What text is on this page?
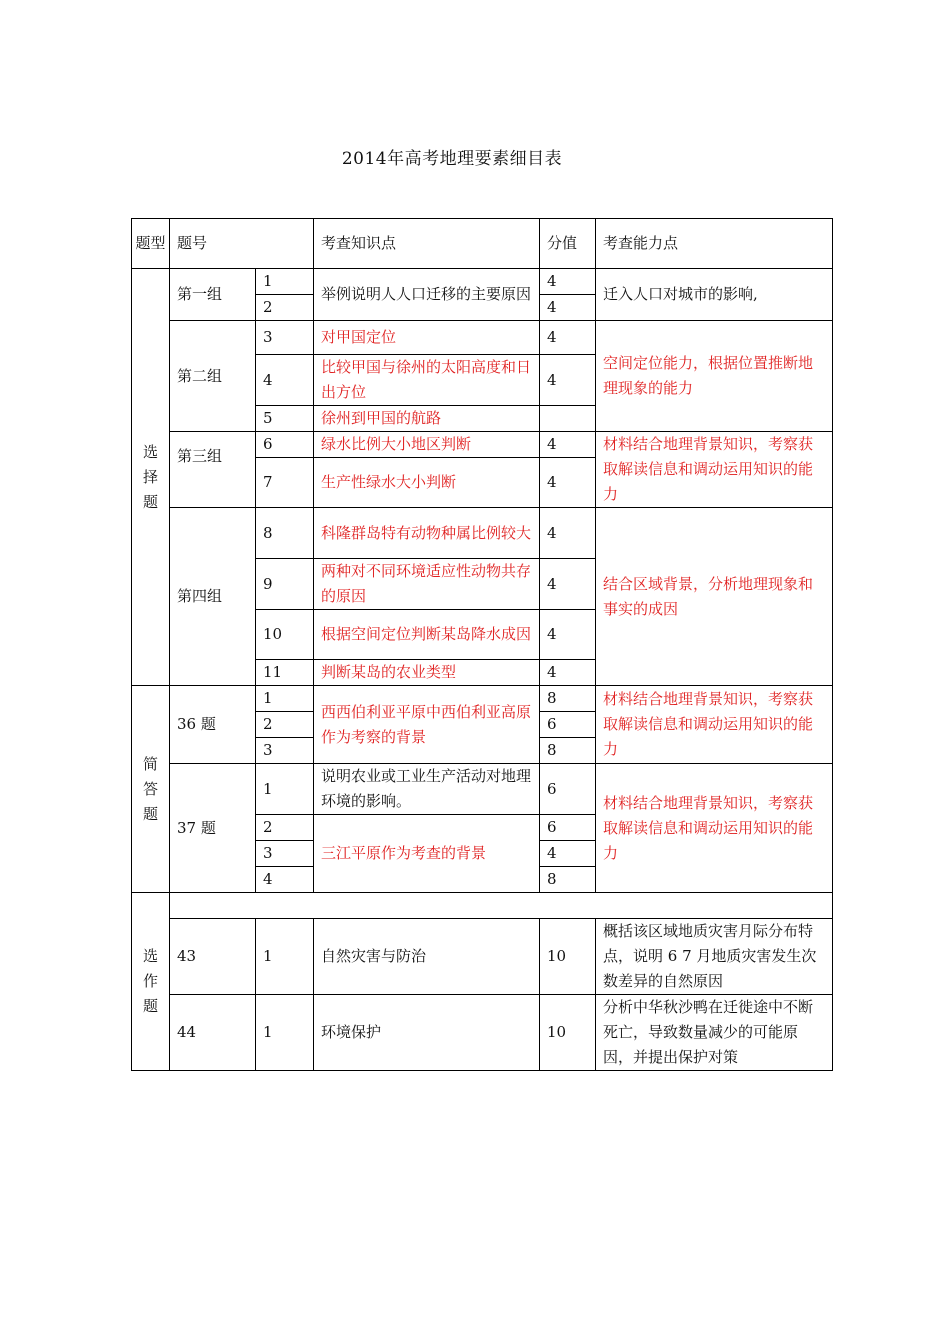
2014年高考地理要素细目表
题型	题号		考查知识点	分值	考查能力点
选择题	第一组	1	举例说明人人口迁移的主要原因	4	迁入人口对城市的影响,
		2		4	
	第二组	3	对甲国定位	4	空间定位能力，根据位置推断地理现象的能力
		4	比较甲国与徐州的太阳高度和日出方位	4	
		5	徐州到甲国的航路		
	第三组	6	绿水比例大小地区判断	4	材料结合地理背景知识，考察获取解读信息和调动运用知识的能力
		7	生产性绿水大小判断	4	
	第四组	8	科隆群岛特有动物种属比例较大	4	结合区域背景，分析地理现象和事实的成因
		9	两种对不同环境适应性动物共存的原因	4	
		10	根据空间定位判断某岛降水成因	4	
		11	判断某岛的农业类型	4	

简答题	36 题	1	西西伯利亚平原中西伯利亚高原作为考察的背景	8	材料结合地理背景知识，考察获取解读信息和调动运用知识的能力
		2		6	
		3		8	
	37 题	1	说明农业或工业生产活动对地理环境的影响。	6	材料结合地理背景知识，考察获取解读信息和调动运用知识的能力
		2	三江平原作为考查的背景	6	
		3		4	
		4		8	
选作题					
	43	1	自然灾害与防治	10	概括该区域地质灾害月际分布特点，说明 6 7 月地质灾害发生次数差异的自然原因
	44	1	环境保护	10	分析中华秋沙鸭在迁徙途中不断死亡，导致数量减少的可能原因，并提出保护对策
